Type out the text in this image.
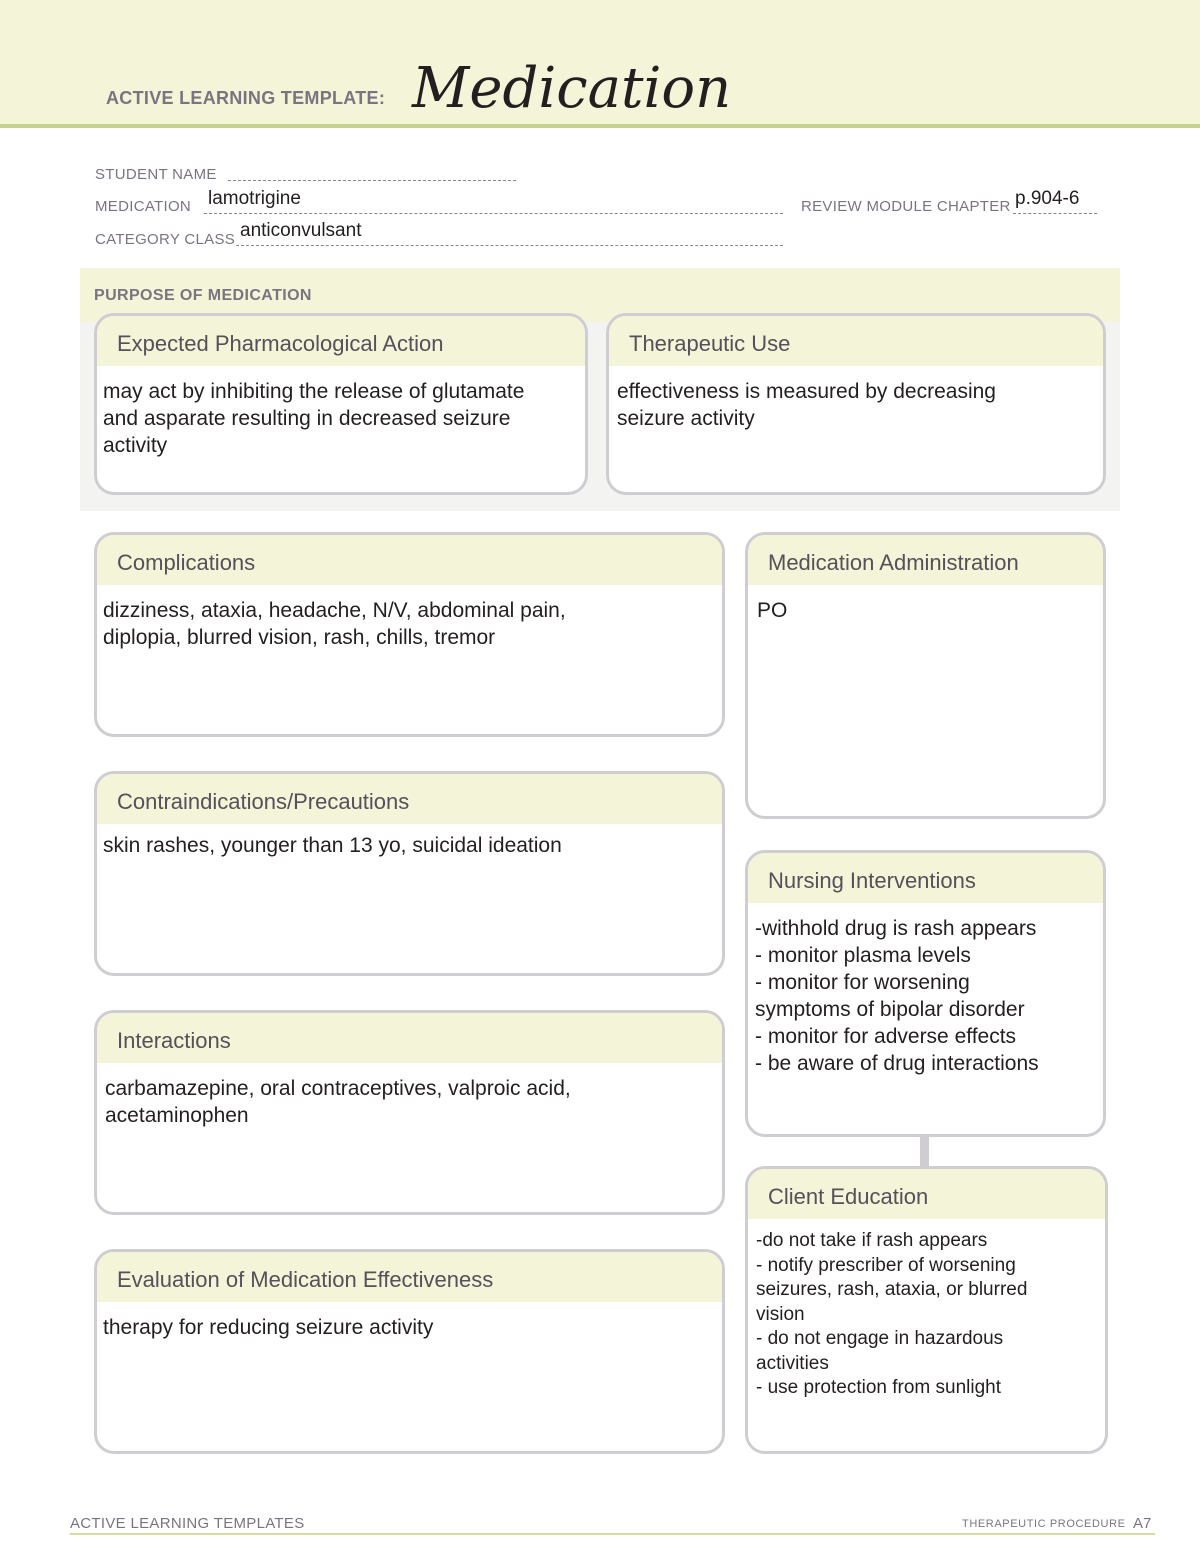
ACTIVE LEARNING TEMPLATE: Medication
STUDENT NAME
MEDICATION lamotrigine
CATEGORY CLASS anticonvulsant
REVIEW MODULE CHAPTER p.904-6
PURPOSE OF MEDICATION
Expected Pharmacological Action
may act by inhibiting the release of glutamate
and asparate resulting in decreased seizure
activity
Therapeutic Use
effectiveness is measured by decreasing
seizure activity
Complications
dizziness, ataxia, headache, N/V, abdominal pain,
diplopia, blurred vision, rash, chills, tremor
Contraindications/Precautions
skin rashes, younger than 13 yo, suicidal ideation
Interactions
carbamazepine, oral contraceptives, valproic acid,
acetaminophen
Evaluation of Medication Effectiveness
therapy for reducing seizure activity
Medication Administration
PO
Nursing Interventions
-withhold drug is rash appears
- monitor plasma levels
- monitor for worsening
symptoms of bipolar disorder
- monitor for adverse effects
- be aware of drug interactions
Client Education
-do not take if rash appears
- notify prescriber of worsening
seizures, rash, ataxia, or blurred
vision
- do not engage in hazardous
activities
- use protection from sunlight
ACTIVE LEARNING TEMPLATES	THERAPEUTIC PROCEDURE A7
